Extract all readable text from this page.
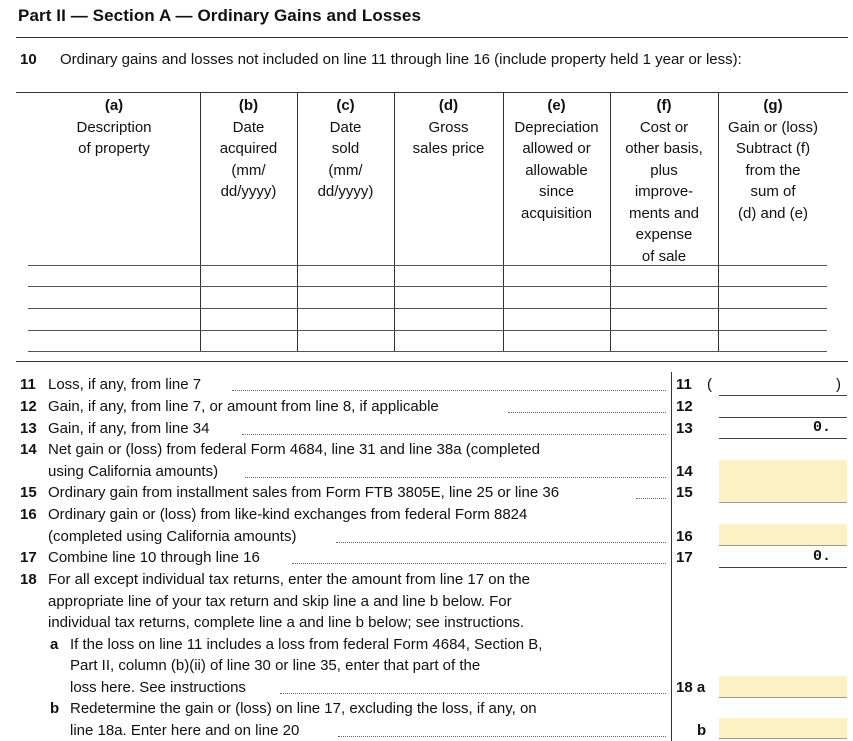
Part II — Section A — Ordinary Gains and Losses
10 Ordinary gains and losses not included on line 11 through line 16 (include property held 1 year or less):
(a)
Description
of property
(b)
Date
acquired
(mm/
dd/yyyy)
(c)
Date
sold
(mm/
dd/yyyy)
(d)
Gross
sales price
(e)
Depreciation
allowed or
allowable
since
acquisition
(f)
Cost or
other basis,
plus
improve-
ments and
expense
of sale
(g)
Gain or (loss)
Subtract (f)
from the
sum of
(d) and (e)
11 Loss, if any, from line 7	11 (	)
12 Gain, if any, from line 7, or amount from line 8, if applicable	12
13 Gain, if any, from line 34	13	0.
14 Net gain or (loss) from federal Form 4684, line 31 and line 38a (completed
using California amounts)	14
15 Ordinary gain from installment sales from Form FTB 3805E, line 25 or line 36	15
16 Ordinary gain or (loss) from like-kind exchanges from federal Form 8824
(completed using California amounts)	16
17 Combine line 10 through line 16	17	0.
18 For all except individual tax returns, enter the amount from line 17 on the
appropriate line of your tax return and skip line a and line b below. For
individual tax returns, complete line a and line b below; see instructions.
a If the loss on line 11 includes a loss from federal Form 4684, Section B,
Part II, column (b)(ii) of line 30 or line 35, enter that part of the
loss here. See instructions	18 a
b Redetermine the gain or (loss) on line 17, excluding the loss, if any, on
line 18a. Enter here and on line 20	b
